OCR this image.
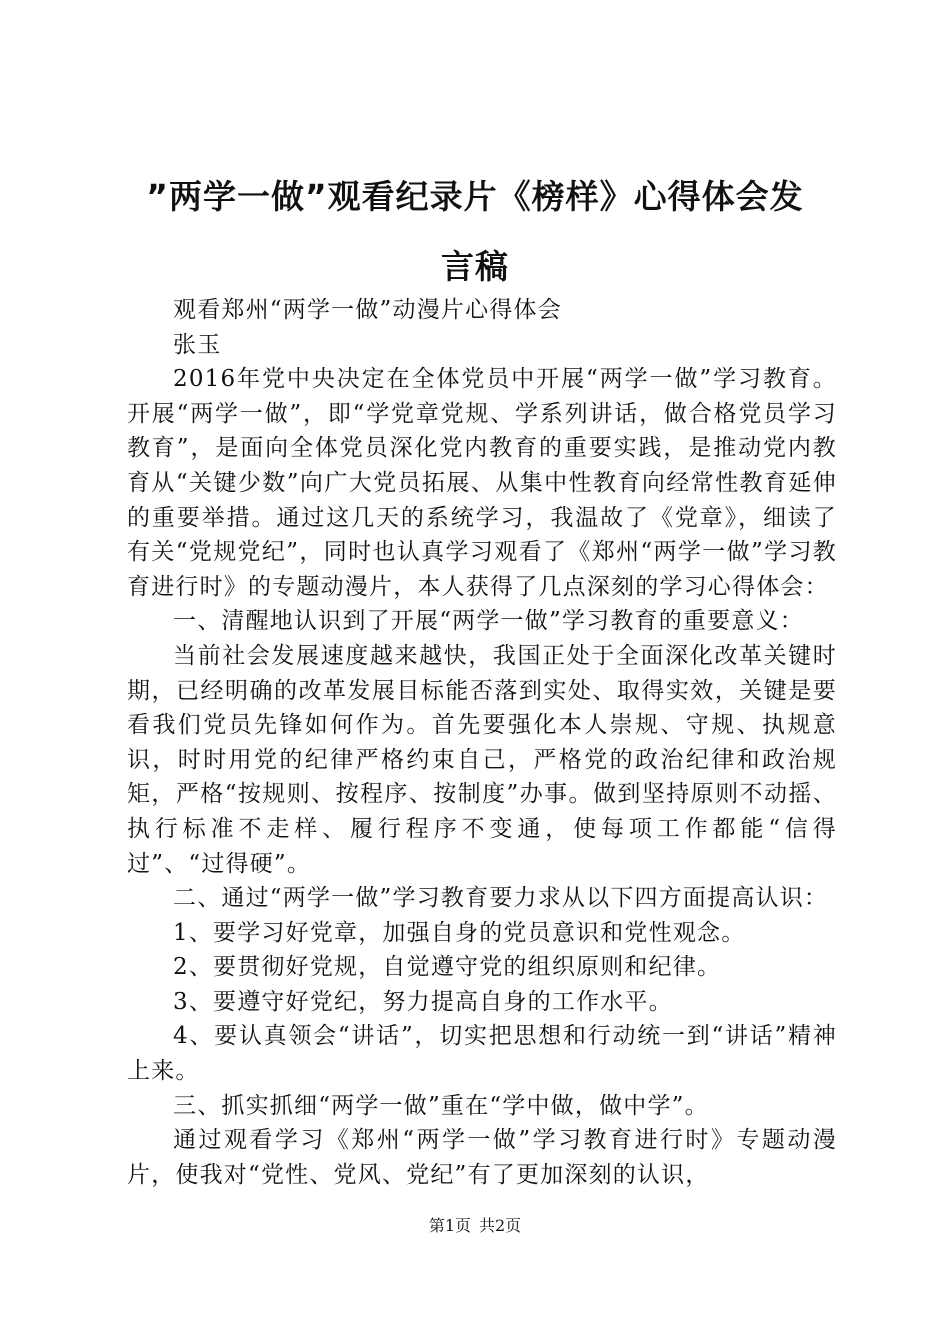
”两学一做”观看纪录片《榜样》心得体会发
言稿

观看郑州“两学一做”动漫片心得体会

张玉

2016年党中央决定在全体党员中开展“两学一做”学习教育。开展“两学一做”，即“学党章党规、学系列讲话，做合格党员学习教育”，是面向全体党员深化党内教育的重要实践，是推动党内教育从“关键少数”向广大党员拓展、从集中性教育向经常性教育延伸的重要举措。通过这几天的系统学习，我温故了《党章》，细读了有关“党规党纪”，同时也认真学习观看了《郑州“两学一做”学习教育进行时》的专题动漫片，本人获得了几点深刻的学习心得体会：

一、清醒地认识到了开展“两学一做”学习教育的重要意义：

当前社会发展速度越来越快，我国正处于全面深化改革关键时期，已经明确的改革发展目标能否落到实处、取得实效，关键是要看我们党员先锋如何作为。首先要强化本人崇规、守规、执规意识，时时用党的纪律严格约束自己，严格党的政治纪律和政治规矩，严格“按规则、按程序、按制度”办事。做到坚持原则不动摇、执行标准不走样、履行程序不变通，使每项工作都能“信得过”、“过得硬”。

二、通过“两学一做”学习教育要力求从以下四方面提高认识：

1、要学习好党章，加强自身的党员意识和党性观念。

2、要贯彻好党规，自觉遵守党的组织原则和纪律。

3、要遵守好党纪，努力提高自身的工作水平。

4、要认真领会“讲话”，切实把思想和行动统一到“讲话”精神上来。

三、抓实抓细“两学一做”重在“学中做，做中学”。

通过观看学习《郑州“两学一做”学习教育进行时》专题动漫片，使我对“党性、党风、党纪”有了更加深刻的认识，

第1页 共2页
